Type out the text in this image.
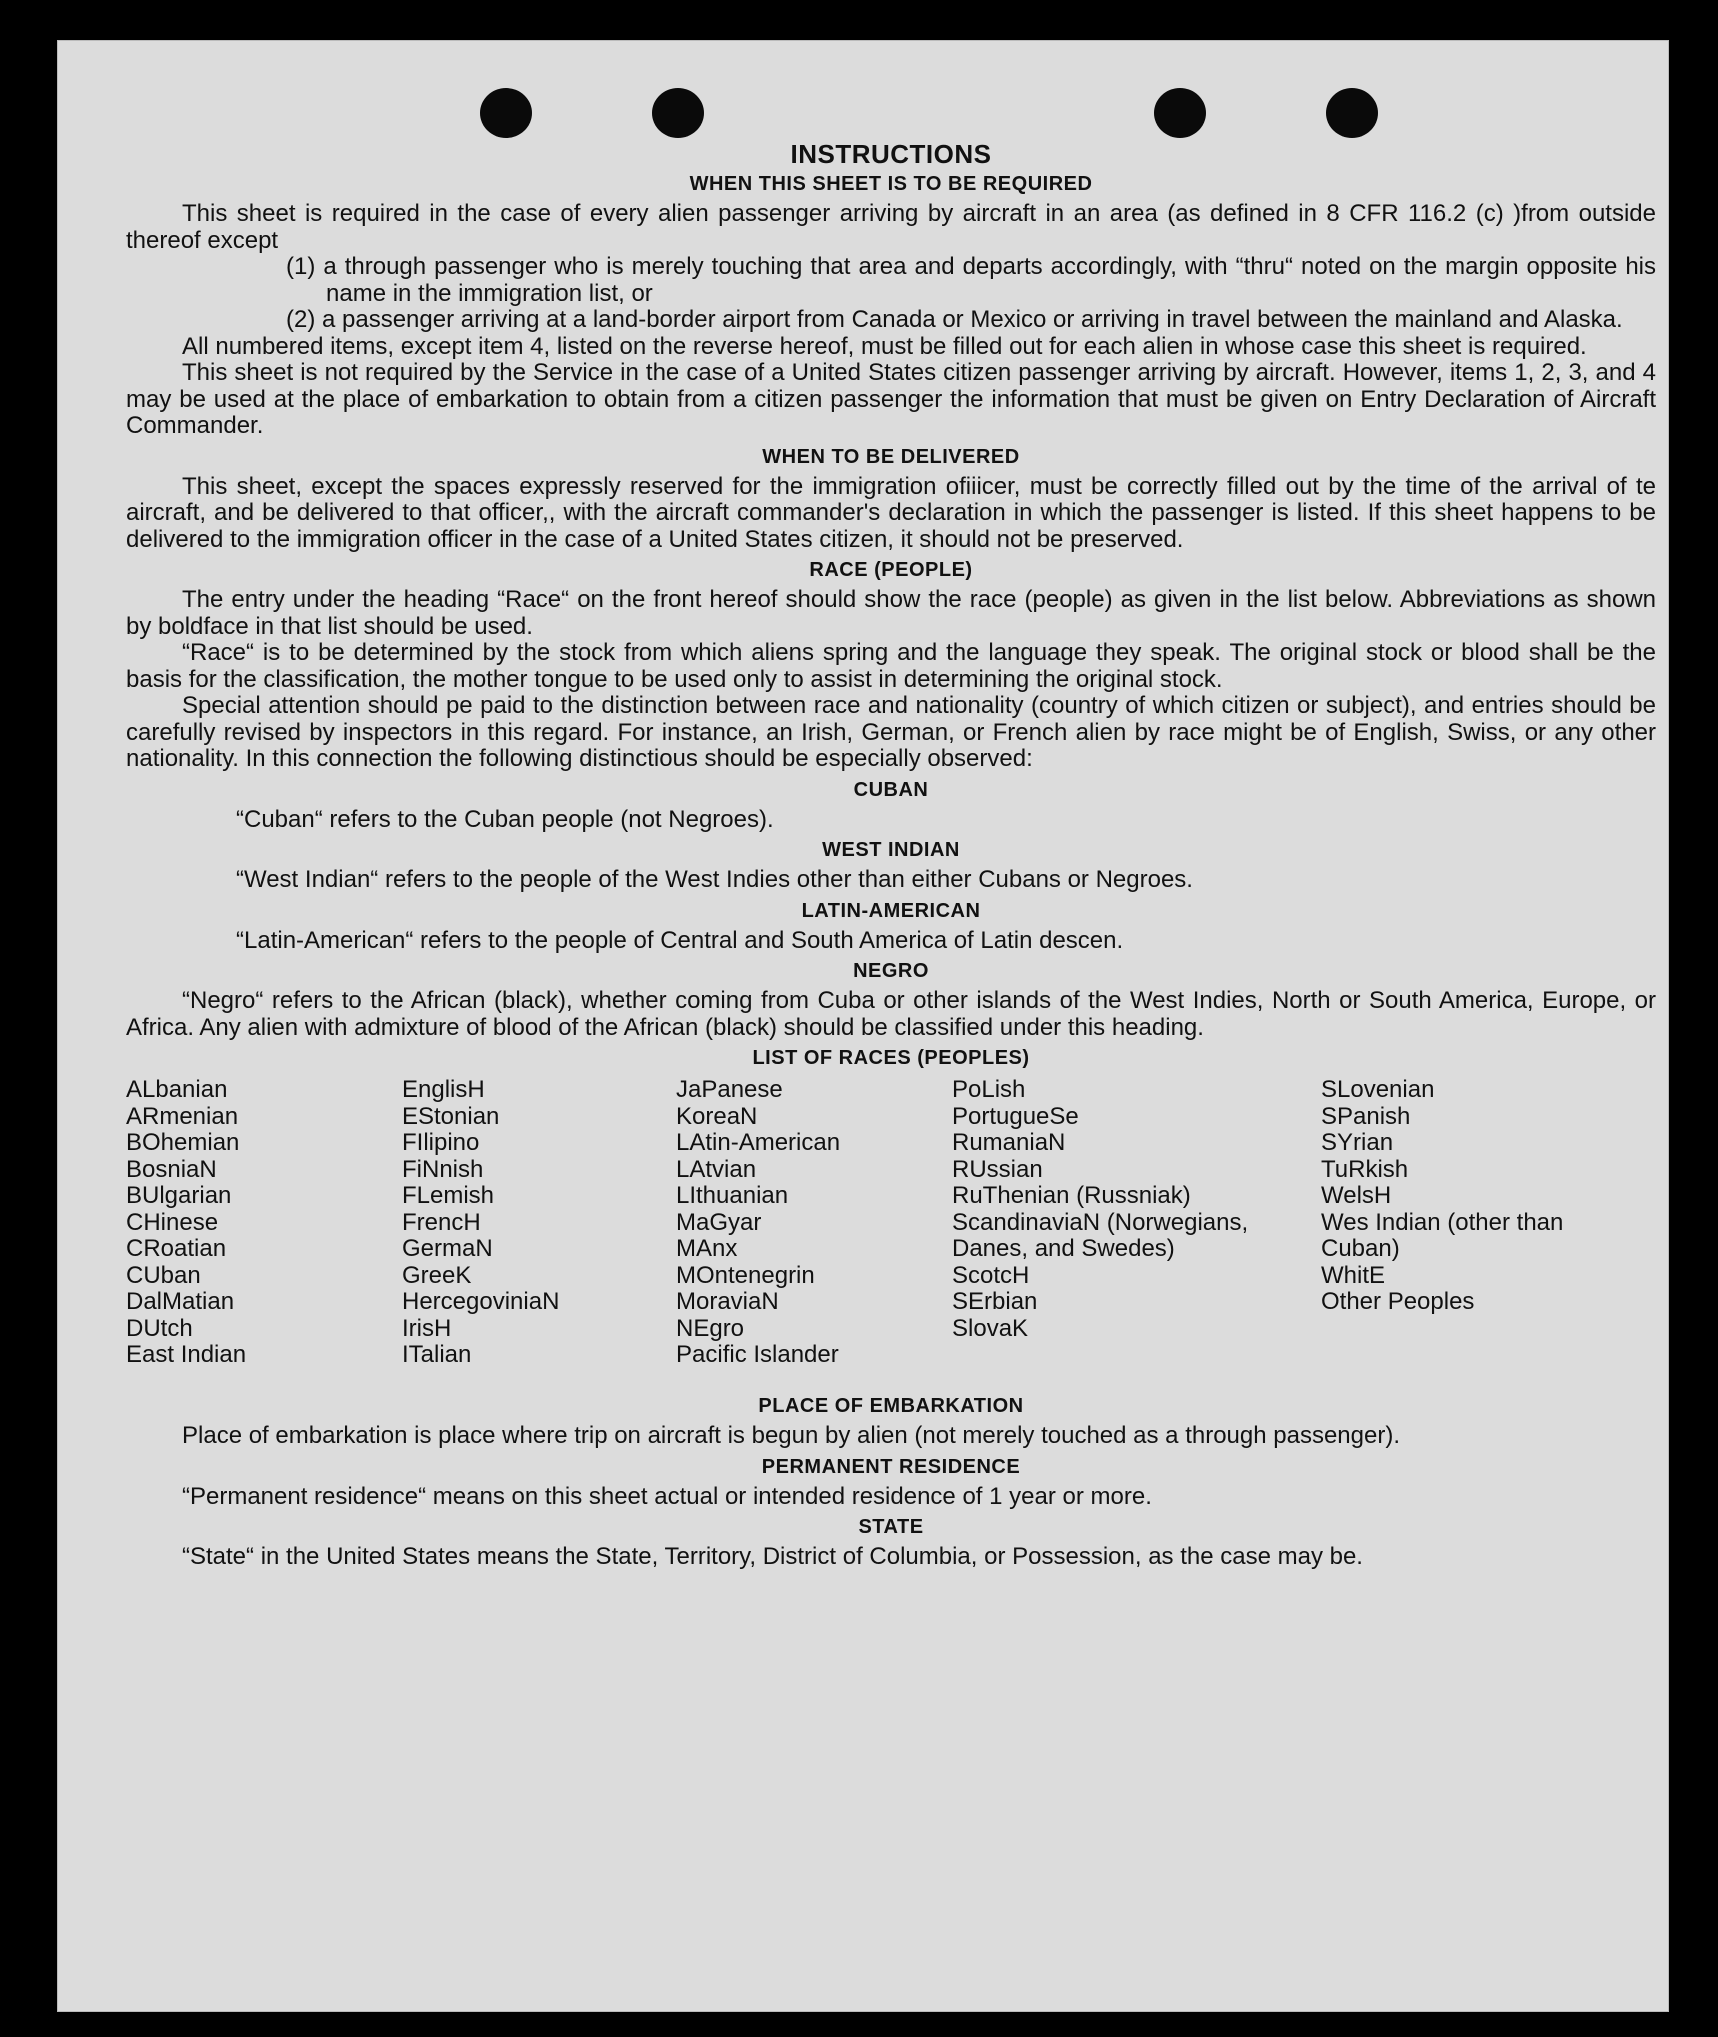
INSTRUCTIONS
WHEN THIS SHEET IS TO BE REQUIRED

This sheet is required in the case of every alien passenger arriving by aircraft in an area (as defined in 8 CFR 116.2 (c) )from outside thereof except

(1) a through passenger who is merely touching that area and departs accordingly, with “thru“ noted on the margin opposite his name in the immigration list, or

(2) a passenger arriving at a land-border airport from Canada or Mexico or arriving in travel between the mainland and Alaska.

All numbered items, except item 4, listed on the reverse hereof, must be filled out for each alien in whose case this sheet is required.

This sheet is not required by the Service in the case of a United States citizen passenger arriving by aircraft. However, items 1, 2, 3, and 4 may be used at the place of embarkation to obtain from a citizen passenger the information that must be given on Entry Declaration of Aircraft Commander.

WHEN TO BE DELIVERED

This sheet, except the spaces expressly reserved for the immigration ofiiicer, must be correctly filled out by the time of the arrival of te aircraft, and be delivered to that officer,, with the aircraft commander's declaration in which the passenger is listed. If this sheet happens to be delivered to the immigration officer in the case of a United States citizen, it should not be preserved.

RACE (PEOPLE)

The entry under the heading “Race“ on the front hereof should show the race (people) as given in the list below. Abbreviations as shown by boldface in that list should be used.

“Race“ is to be determined by the stock from which aliens spring and the language they speak. The original stock or blood shall be the basis for the classification, the mother tongue to be used only to assist in determining the original stock.

Special attention should pe paid to the distinction between race and nationality (country of which citizen or subject), and entries should be carefully revised by inspectors in this regard. For instance, an Irish, German, or French alien by race might be of English, Swiss, or any other nationality. In this connection the following distinctious should be especially observed:

CUBAN

“Cuban“ refers to the Cuban people (not Negroes).

WEST INDIAN

“West Indian“ refers to the people of the West Indies other than either Cubans or Negroes.

LATIN-AMERICAN

“Latin-American“ refers to the people of Central and South America of Latin descen.

NEGRO

“Negro“ refers to the African (black), whether coming from Cuba or other islands of the West Indies, North or South America, Europe, or Africa. Any alien with admixture of blood of the African (black) should be classified under this heading.

LIST OF RACES (PEOPLES)
ALbanian
ARmenian
BOhemian
BosniaN
BUlgarian
CHinese
CRoatian
CUban
DalMatian
DUtch
East Indian
EnglisH
EStonian
FIlipino
FiNnish
FLemish
FrencH
GermaN
GreeK
HercegoviniaN
IrisH
ITalian
JaPanese
KoreaN
LAtin-American
LAtvian
LIthuanian
MaGyar
MAnx
MOntenegrin
MoraviaN
NEgro
Pacific Islander
PoLish
PortugueSe
RumaniaN
RUssian
RuThenian (Russniak)
ScandinaviaN (Norwegians, Danes, and Swedes)
ScotcH
SErbian
SlovaK
SLovenian
SPanish
SYrian
TuRkish
WelsH
Wes Indian (other than Cuban)
WhitE
Other Peoples
PLACE OF EMBARKATION

Place of embarkation is place where trip on aircraft is begun by alien (not merely touched as a through passenger).

PERMANENT RESIDENCE

“Permanent residence“ means on this sheet actual or intended residence of 1 year or more.

STATE

“State“ in the United States means the State, Territory, District of Columbia, or Possession, as the case may be.
